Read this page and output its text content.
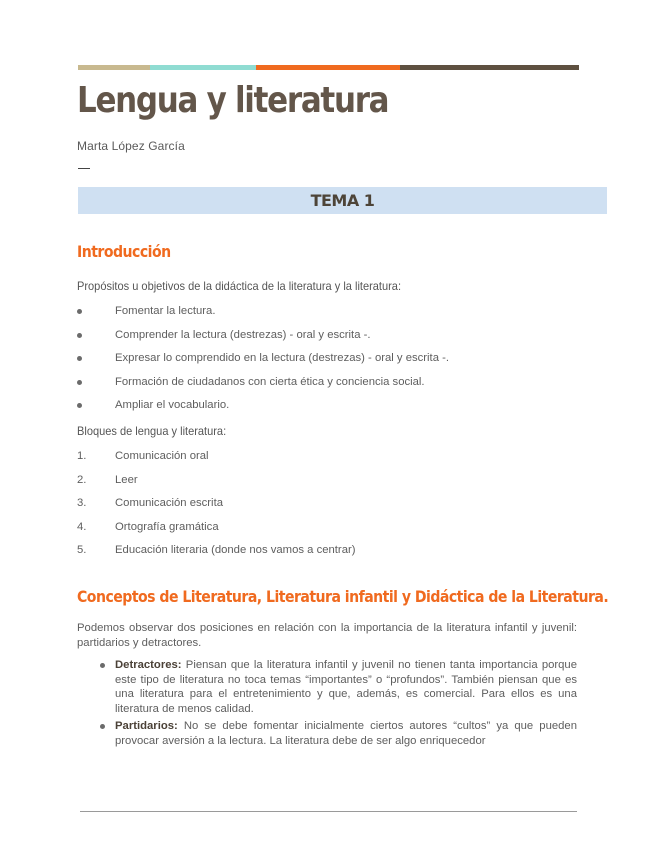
Lengua y literatura
Marta López García
TEMA 1
Introducción
Propósitos u objetivos de la didáctica de la literatura y la literatura:
Fomentar la lectura.
Comprender la lectura (destrezas) - oral y escrita -.
Expresar lo comprendido en la lectura (destrezas) - oral y escrita -.
Formación de ciudadanos con cierta ética y conciencia social.
Ampliar el vocabulario.
Bloques de lengua y literatura:
1.	Comunicación oral
2.	Leer
3.	Comunicación escrita
4.	Ortografía gramática
5.	Educación literaria (donde nos vamos a centrar)
Conceptos de Literatura, Literatura infantil y Didáctica de la Literatura.

Podemos observar dos posiciones en relación con la importancia de la literatura infantil y juvenil: partidarios y detractores.

Detractores: Piensan que la literatura infantil y juvenil no tienen tanta importancia porque este tipo de literatura no toca temas “importantes” o “profundos”. También piensan que es una literatura para el entretenimiento y que, además, es comercial. Para ellos es una literatura de menos calidad.
Partidarios: No se debe fomentar inicialmente ciertos autores “cultos” ya que pueden provocar aversión a la lectura. La literatura debe de ser algo enriquecedor
